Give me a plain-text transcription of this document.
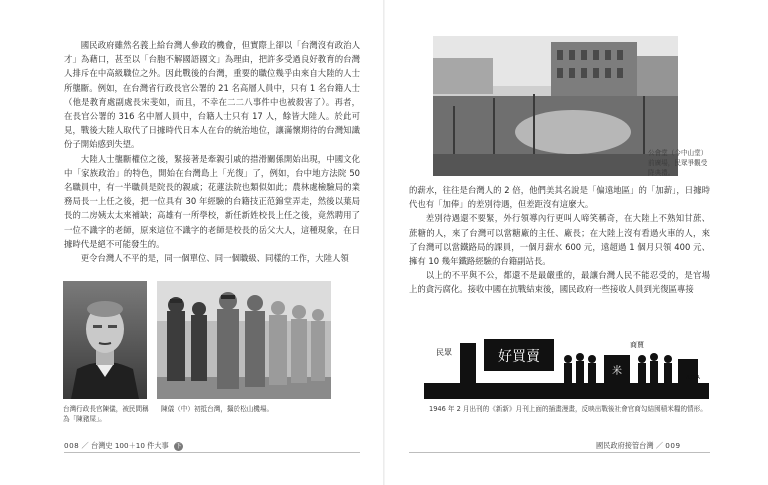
國民政府雖然名義上給台灣人參政的機會，但實際上卻以「台灣沒有政治人才」為藉口，甚至以「台胞不解國語國文」為理由，把許多受過良好教育的台灣人排斥在中高級職位之外。因此戰後的台灣，重要的職位幾乎由來自大陸的人士所壟斷。例如，在台灣省行政長官公署的 21 名高層人員中，只有 1 名台籍人士（他是教育處副處長宋斐如，而且，不幸在二二八事件中也被殺害了）。再者，在長官公署的 316 名中層人員中，台籍人士只有 17 人，餘皆大陸人。於此可見，戰後大陸人取代了日據時代日本人在台的統治地位，讓滿懷期待的台灣知識份子開始感到失望。

大陸人士壟斷權位之後，緊接著是牽親引戚的措滑關係開始出現，中國文化中「家族政治」的特色，開始在台灣島上「光復」了，例如，台中地方法院 50 名職員中，有一半職員是院長的親戚；花蓮法院也類似如此；農林處檢驗局的業務局長一上任之後，把一位具有 30 年經驗的台籍技正范錦堂弄走，然後以葉局長的二房姨太太來補缺；高雄有一所學校，新任新姓校長上任之後，竟然聘用了一位不識字的老師，原來這位不識字的老師是校長的岳父大人，這種現象，在日據時代是絕不可能發生的。

更令台灣人不平的是，同一個單位、同一個職級、同樣的工作，大陸人領

台灣行政長官陳儀，被民間稱為「陳豬屎」。
陳儀（中）初抵台灣，攝於松山機場。
008 ／ 台灣史 100＋10 件大事 下
公會堂（今中山堂）前廣場，民眾爭觀受降典禮。

的薪水，往往是台灣人的 2 倍，他們美其名說是「偏遠地區」的「加薪」，日據時代也有「加俸」的差別待遇，但差距沒有這麼大。

差別待遇還不要緊，外行領導內行更叫人啼笑稱奇，在大陸上不熟知甘蔗、蔗糖的人，來了台灣可以當糖廠的主任、廠長；在大陸上沒有看過火車的人，來了台灣可以當鐵路局的課員，一個月薪水 600 元，遠超過 1 個月只領 400 元、擁有 10 幾年鐵路經驗的台籍副站長。

以上的不平與不公，都還不是最嚴重的，最讓台灣人民不能忍受的，是官場上的貪污腐化。接收中國在抗戰結束後，國民政府一些接收人員到光復區專接

好買賣
米
民眾
商賈
A.G.A
1946 年 2 月出刊的《新新》月刊上面的插畫漫畫，反映出戰後社會官商勾結囤積米糧的情形。
國民政府接管台灣 ／ 009
